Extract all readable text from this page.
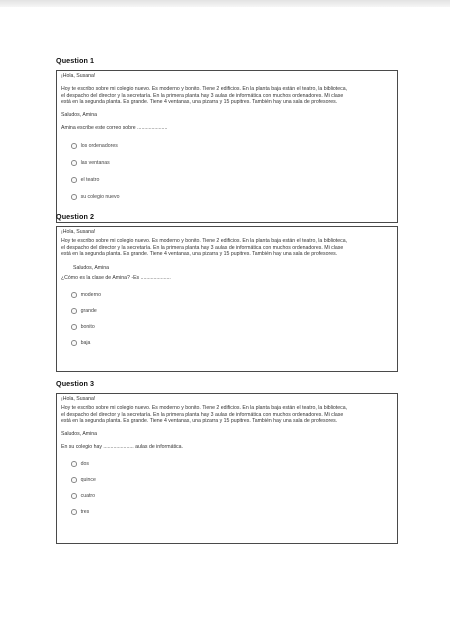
Question 1
¡Hola, Susana!
Hoy te escribo sobre mi colegio nuevo. Es moderno y bonito. Tiene 2 edificios. En la planta baja están el teatro, la biblioteca,
el despacho del director y la secretaría. En la primera planta hay 3 aulas de informática con muchos ordenadores. Mi clase
está en la segunda planta. Es grande. Tiene 4 ventanas, una pizarra y 15 pupitres. También hay una sala de profesores.
Saludos, Amina
Amina escribe este correo sobre .....................
los ordenadores
las ventanas
el teatro
su colegio nuevo
Question 2
¡Hola, Susana!
Hoy te escribo sobre mi colegio nuevo. Es moderno y bonito. Tiene 2 edificios. En la planta baja están el teatro, la biblioteca,
el despacho del director y la secretaría. En la primera planta hay 3 aulas de informática con muchos ordenadores. Mi clase
está en la segunda planta. Es grande. Tiene 4 ventanas, una pizarra y 15 pupitres. También hay una sala de profesores.
Saludos, Amina
¿Cómo es la clase de Amina? -Es .....................
moderno
grande
bonito
baja
Question 3
¡Hola, Susana!
Hoy te escribo sobre mi colegio nuevo. Es moderno y bonito. Tiene 2 edificios. En la planta baja están el teatro, la biblioteca,
el despacho del director y la secretaría. En la primera planta hay 3 aulas de informática con muchos ordenadores. Mi clase
está en la segunda planta. Es grande. Tiene 4 ventanas, una pizarra y 15 pupitres. También hay una sala de profesores.
Saludos, Amina
En su colegio hay ..................... aulas de informática.
dos
quince
cuatro
tres
